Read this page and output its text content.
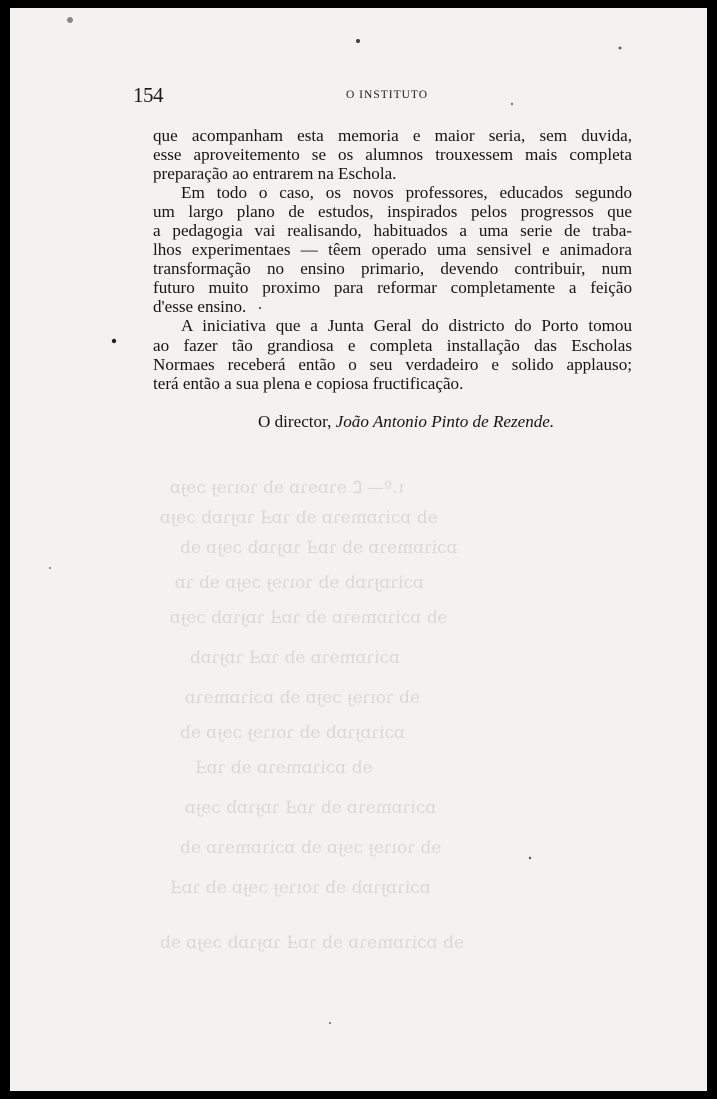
ɩ.º— Ꮭ ɘɿɒɘɿɒ ɘb ɿoıɿɘɟ ɔɘɟɒ
ɘb ɒɔiɿɒmɘɿɒ ɘb ɿɒℲ ɿɒɟɿɒb ɔɘɟɒ
ɒɔiɿɒmɘɿɒ ɘb ɿɒℲ ɿɒɟɿɒb ɔɘɟɒ ɘb
ɒɔiɿɒɟɿɒb ɘb ɿoıɿɘɟ ɔɘɟɒ ɘb ɿɒ
ɘb ɒɔiɿɒmɘɿɒ ɘb ɿɒℲ ɿɒɟɿɒb ɔɘɟɒ
ɒɔiɿɒmɘɿɒ ɘb ɿɒℲ ɿɒɟɿɒb
ɘb ɿoıɿɘɟ ɔɘɟɒ ɘb ɒɔiɿɒmɘɿɒ
ɒɔiɿɒɟɿɒb ɘb ɿoıɿɘɟ ɔɘɟɒ ɘb
ɘb ɒɔiɿɒmɘɿɒ ɘb ɿɒℲ
ɒɔiɿɒmɘɿɒ ɘb ɿɒℲ ɿɒɟɿɒb ɔɘɟɒ
ɘb ɿoıɿɘɟ ɔɘɟɒ ɘb ɒɔiɿɒmɘɿɒ ɘb
ɒɔiɿɒɟɿɒb ɘb ɿoıɿɘɟ ɔɘɟɒ ɘb ɿɒℲ
ɘb ɒɔiɿɒmɘɿɒ ɘb ɿɒℲ ɿɒɟɿɒb ɔɘɟɒ ɘb
154	O INSTITUTO
que acompanham esta memoria e maior seria, sem duvida,
esse aproveitemento se os alumnos trouxessem mais completa
preparação ao entrarem na Eschola.
Em todo o caso, os novos professores, educados segundo
um largo plano de estudos, inspirados pelos progressos que
a pedagogia vai realisando, habituados a uma serie de traba-
lhos experimentaes — têem operado uma sensivel e animadora
transformação no ensino primario, devendo contribuir, num
futuro muito proximo para reformar completamente a feição
d'esse ensino.
A iniciativa que a Junta Geral do districto do Porto tomou
ao fazer tão grandiosa e completa installação das Escholas
Normaes receberá então o seu verdadeiro e solido applauso;
terá então a sua plena e copiosa fructificação.
O director, João Antonio Pinto de Rezende.
